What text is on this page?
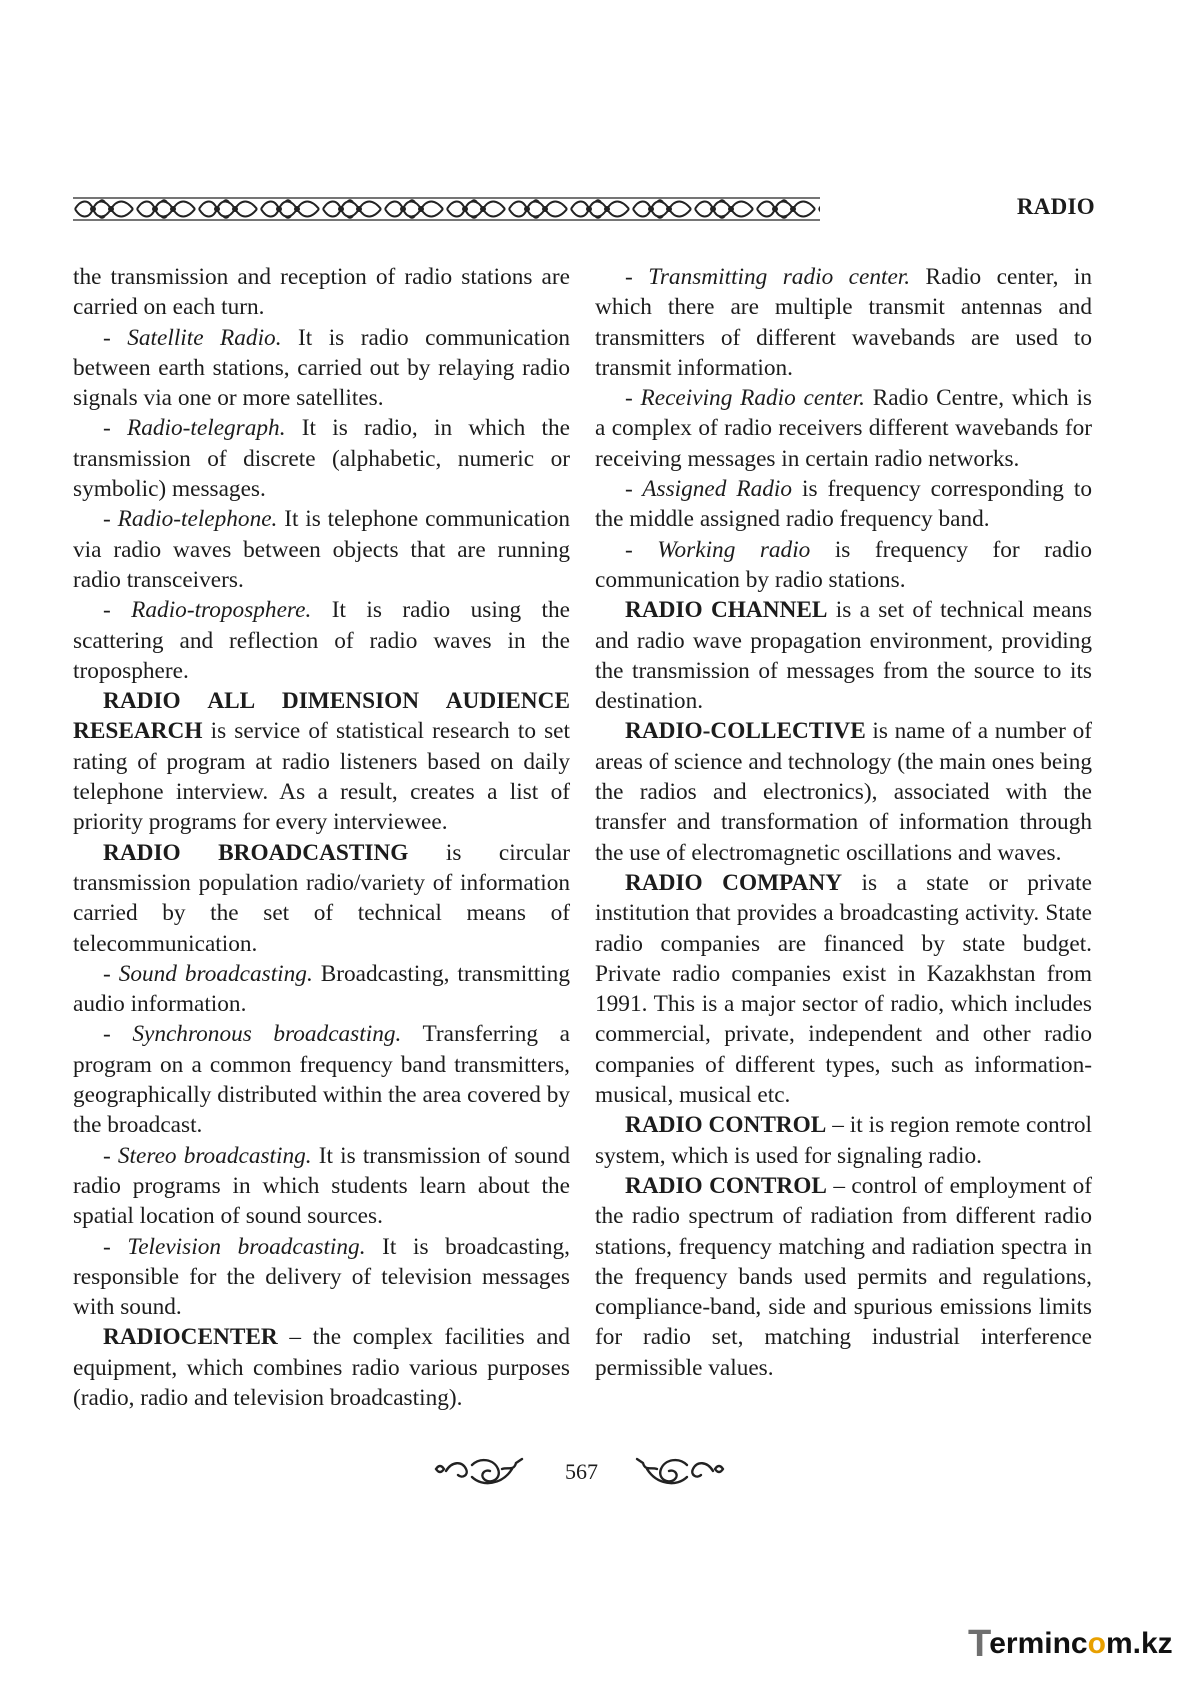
RADIO

the transmission and reception of radio stations are carried on each turn.

- Satellite Radio. It is radio communication between earth stations, carried out by relaying radio signals via one or more satellites.

- Radio-telegraph. It is radio, in which the transmission of discrete (alphabetic, numeric or symbolic) messages.

- Radio-telephone. It is telephone communication via radio waves between objects that are running radio transceivers.

- Radio-troposphere. It is radio using the scattering and reflection of radio waves in the troposphere.

RADIO ALL DIMENSION AUDIENCE RESEARCH is service of statistical research to set rating of program at radio listeners based on daily telephone interview. As a result, creates a list of priority programs for every interviewee.

RADIO BROADCASTING is circular transmission population radio/variety of information carried by the set of technical means of telecommunication.

- Sound broadcasting. Broadcasting, transmitting audio information.

- Synchronous broadcasting. Transferring a program on a common frequency band transmitters, geographically distributed within the area covered by the broadcast.

- Stereo broadcasting. It is transmission of sound radio programs in which students learn about the spatial location of sound sources.

- Television broadcasting. It is broadcasting, responsible for the delivery of television messages with sound.

RADIOCENTER – the complex facilities and equipment, which combines radio various purposes (radio, radio and television broadcasting).

- Transmitting radio center. Radio center, in which there are multiple transmit antennas and transmitters of different wavebands are used to transmit information.

- Receiving Radio center. Radio Centre, which is a complex of radio receivers different wavebands for receiving messages in certain radio networks.

- Assigned Radio is frequency corresponding to the middle assigned radio frequency band.

- Working radio is frequency for radio communication by radio stations.

RADIO CHANNEL is a set of technical means and radio wave propagation environment, providing the transmission of messages from the source to its destination.

RADIO-COLLECTIVE is name of a number of areas of science and technology (the main ones being the radios and electronics), associated with the transfer and transformation of information through the use of electromagnetic oscillations and waves.

RADIO COMPANY is a state or private institution that provides a broadcasting activity. State radio companies are financed by state budget. Private radio companies exist in Kazakhstan from 1991. This is a major sector of radio, which includes commercial, private, independent and other radio companies of different types, such as information-musical, musical etc.

RADIO CONTROL – it is region remote control system, which is used for signaling radio.

RADIO CONTROL – control of employment of the radio spectrum of radiation from different radio stations, frequency matching and radiation spectra in the frequency bands used permits and regulations, compliance-band, side and spurious emissions limits for radio set, matching industrial interference permissible values.

567
T
erminc o m.kz
